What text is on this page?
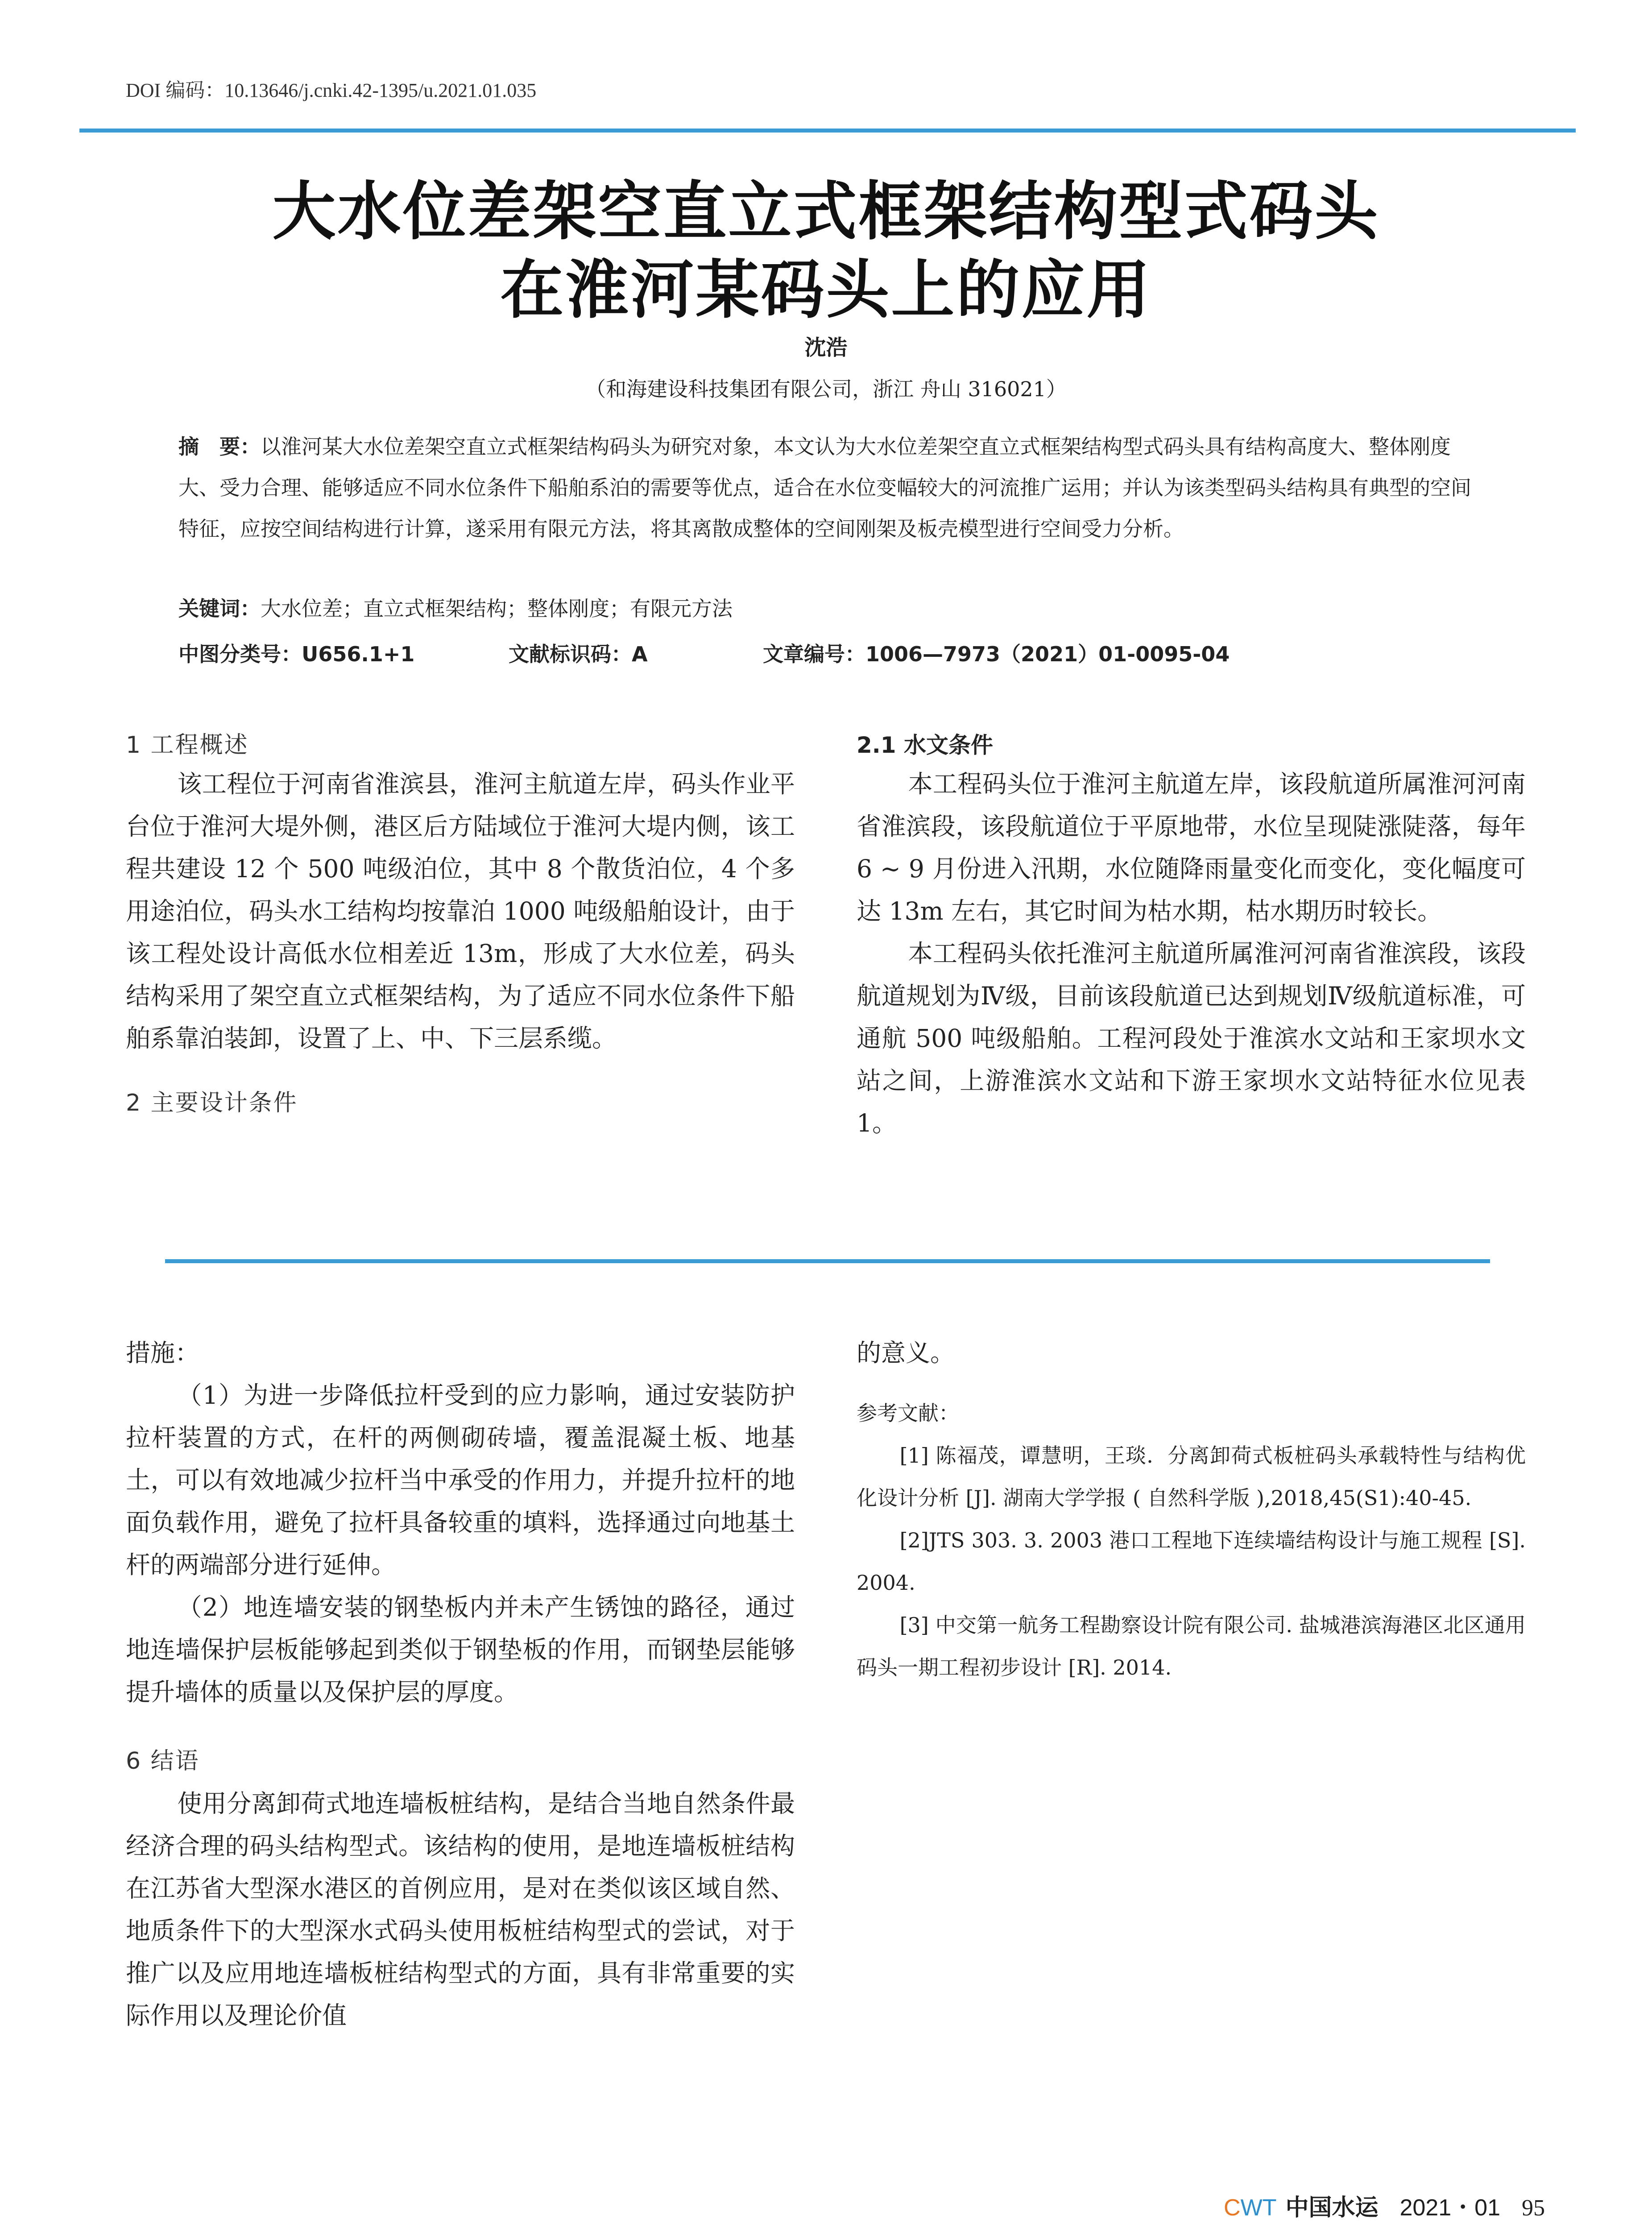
DOI 编码：10.13646/j.cnki.42-1395/u.2021.01.035
大水位差架空直立式框架结构型式码头
在淮河某码头上的应用
沈浩
（和海建设科技集团有限公司，浙江 舟山 316021）
摘　要：以淮河某大水位差架空直立式框架结构码头为研究对象，本文认为大水位差架空直立式框架结构型式码头具有结构高度大、整体刚度大、受力合理、能够适应不同水位条件下船舶系泊的需要等优点，适合在水位变幅较大的河流推广运用；并认为该类型码头结构具有典型的空间特征，应按空间结构进行计算，遂采用有限元方法，将其离散成整体的空间刚架及板壳模型进行空间受力分析。
关键词：大水位差；直立式框架结构；整体刚度；有限元方法
中图分类号：U656.1+1	文献标识码：A	文章编号：1006—7973（2021）01-0095-04

1 工程概述

该工程位于河南省淮滨县，淮河主航道左岸，码头作业平台位于淮河大堤外侧，港区后方陆域位于淮河大堤内侧，该工程共建设 12 个 500 吨级泊位，其中 8 个散货泊位，4 个多用途泊位，码头水工结构均按靠泊 1000 吨级船舶设计，由于该工程处设计高低水位相差近 13m，形成了大水位差，码头结构采用了架空直立式框架结构，为了适应不同水位条件下船舶系靠泊装卸，设置了上、中、下三层系缆。

2 主要设计条件

2.1 水文条件

本工程码头位于淮河主航道左岸，该段航道所属淮河河南省淮滨段，该段航道位于平原地带，水位呈现陡涨陡落，每年 6 ~ 9 月份进入汛期，水位随降雨量变化而变化，变化幅度可达 13m 左右，其它时间为枯水期，枯水期历时较长。

本工程码头依托淮河主航道所属淮河河南省淮滨段，该段航道规划为Ⅳ级，目前该段航道已达到规划Ⅳ级航道标准，可通航 500 吨级船舶。工程河段处于淮滨水文站和王家坝水文站之间，上游淮滨水文站和下游王家坝水文站特征水位见表 1。

措施：

（1）为进一步降低拉杆受到的应力影响，通过安装防护拉杆装置的方式，在杆的两侧砌砖墙，覆盖混凝土板、地基土，可以有效地减少拉杆当中承受的作用力，并提升拉杆的地面负载作用，避免了拉杆具备较重的填料，选择通过向地基土杆的两端部分进行延伸。

（2）地连墙安装的钢垫板内并未产生锈蚀的路径，通过地连墙保护层板能够起到类似于钢垫板的作用，而钢垫层能够提升墙体的质量以及保护层的厚度。

6 结语

使用分离卸荷式地连墙板桩结构，是结合当地自然条件最经济合理的码头结构型式。该结构的使用，是地连墙板桩结构在江苏省大型深水港区的首例应用，是对在类似该区域自然、地质条件下的大型深水式码头使用板桩结构型式的尝试，对于推广以及应用地连墙板桩结构型式的方面，具有非常重要的实际作用以及理论价值

的意义。

参考文献：

[1] 陈福茂，谭慧明，王琰．分离卸荷式板桩码头承载特性与结构优化设计分析 [J]. 湖南大学学报 ( 自然科学版 ),2018,45(S1):40-45.

[2]JTS 303. 3. 2003 港口工程地下连续墙结构设计与施工规程 [S]. 2004.

[3] 中交第一航务工程勘察设计院有限公司. 盐城港滨海港区北区通用码头一期工程初步设计 [R]. 2014.

CWT 中国水运 2021・01 95
